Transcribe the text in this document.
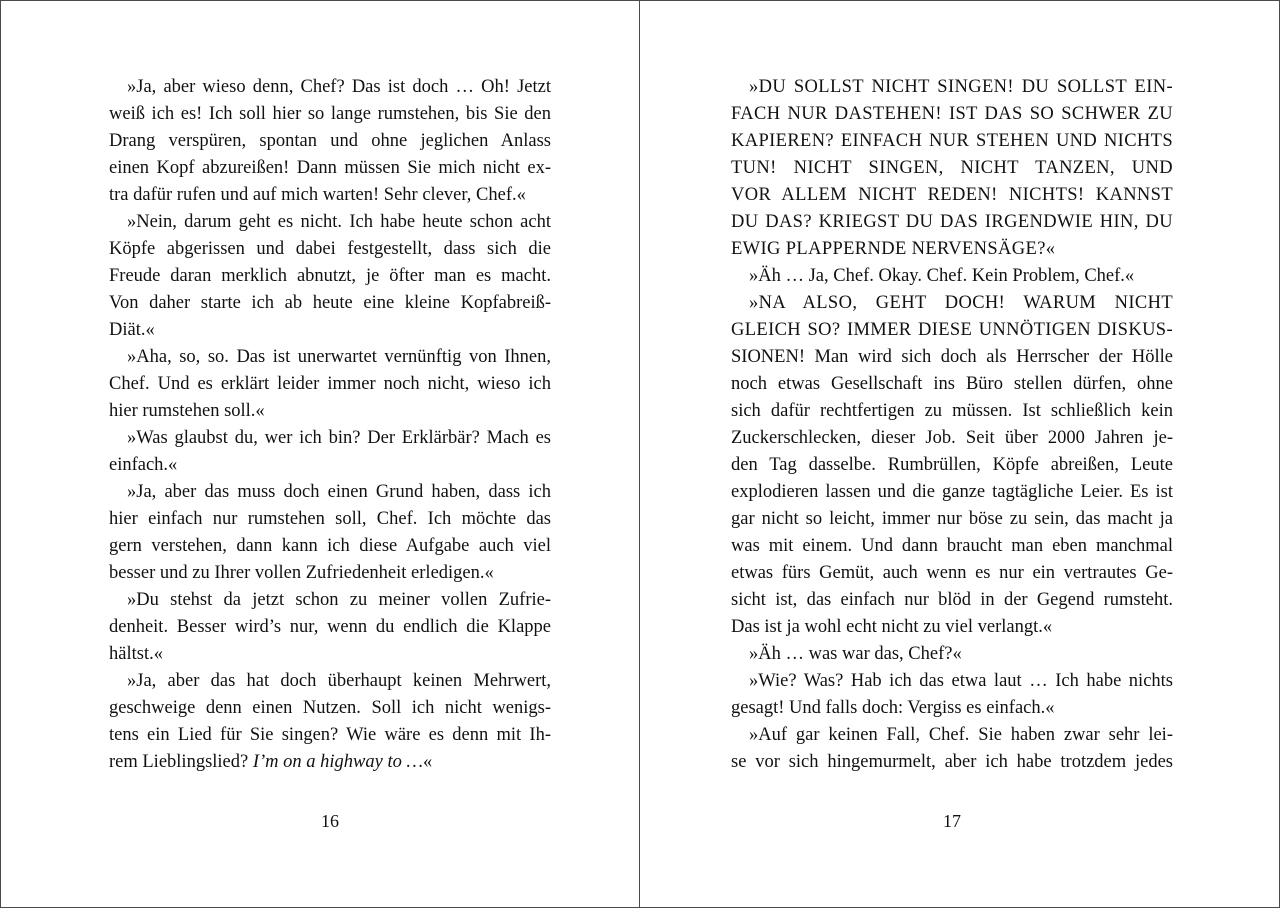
»Ja, aber wieso denn, Chef? Das ist doch … Oh! Jetzt
weiß ich es! Ich soll hier so lange rumstehen, bis Sie den
Drang verspüren, spontan und ohne jeglichen Anlass
einen Kopf abzureißen! Dann müssen Sie mich nicht ex-
tra dafür rufen und auf mich warten! Sehr clever, Chef.«
»Nein, darum geht es nicht. Ich habe heute schon acht
Köpfe abgerissen und dabei festgestellt, dass sich die
Freude daran merklich abnutzt, je öfter man es macht.
Von daher starte ich ab heute eine kleine Kopfabreiß-
Diät.«
»Aha, so, so. Das ist unerwartet vernünftig von Ihnen,
Chef. Und es erklärt leider immer noch nicht, wieso ich
hier rumstehen soll.«
»Was glaubst du, wer ich bin? Der Erklärbär? Mach es
einfach.«
»Ja, aber das muss doch einen Grund haben, dass ich
hier einfach nur rumstehen soll, Chef. Ich möchte das
gern verstehen, dann kann ich diese Aufgabe auch viel
besser und zu Ihrer vollen Zufriedenheit erledigen.«
»Du stehst da jetzt schon zu meiner vollen Zufrie-
denheit. Besser wird’s nur, wenn du endlich die Klappe
hältst.«
»Ja, aber das hat doch überhaupt keinen Mehrwert,
geschweige denn einen Nutzen. Soll ich nicht wenigs-
tens ein Lied für Sie singen? Wie wäre es denn mit Ih-
rem Lieblingslied? I’m on a highway to …«
16
»DU SOLLST NICHT SINGEN! DU SOLLST EIN-
FACH NUR DASTEHEN! IST DAS SO SCHWER ZU
KAPIEREN? EINFACH NUR STEHEN UND NICHTS
TUN! NICHT SINGEN, NICHT TANZEN, UND
VOR ALLEM NICHT REDEN! NICHTS! KANNST
DU DAS? KRIEGST DU DAS IRGENDWIE HIN, DU
EWIG PLAPPERNDE NERVENSÄGE?«
»Äh … Ja, Chef. Okay. Chef. Kein Problem, Chef.«
»NA ALSO, GEHT DOCH! WARUM NICHT
GLEICH SO? IMMER DIESE UNNÖTIGEN DISKUS-
SIONEN! Man wird sich doch als Herrscher der Hölle
noch etwas Gesellschaft ins Büro stellen dürfen, ohne
sich dafür rechtfertigen zu müssen. Ist schließlich kein
Zuckerschlecken, dieser Job. Seit über 2000 Jahren je-
den Tag dasselbe. Rumbrüllen, Köpfe abreißen, Leute
explodieren lassen und die ganze tagtägliche Leier. Es ist
gar nicht so leicht, immer nur böse zu sein, das macht ja
was mit einem. Und dann braucht man eben manchmal
etwas fürs Gemüt, auch wenn es nur ein vertrautes Ge-
sicht ist, das einfach nur blöd in der Gegend rumsteht.
Das ist ja wohl echt nicht zu viel verlangt.«
»Äh … was war das, Chef?«
»Wie? Was? Hab ich das etwa laut … Ich habe nichts
gesagt! Und falls doch: Vergiss es einfach.«
»Auf gar keinen Fall, Chef. Sie haben zwar sehr lei-
se vor sich hingemurmelt, aber ich habe trotzdem jedes
17
